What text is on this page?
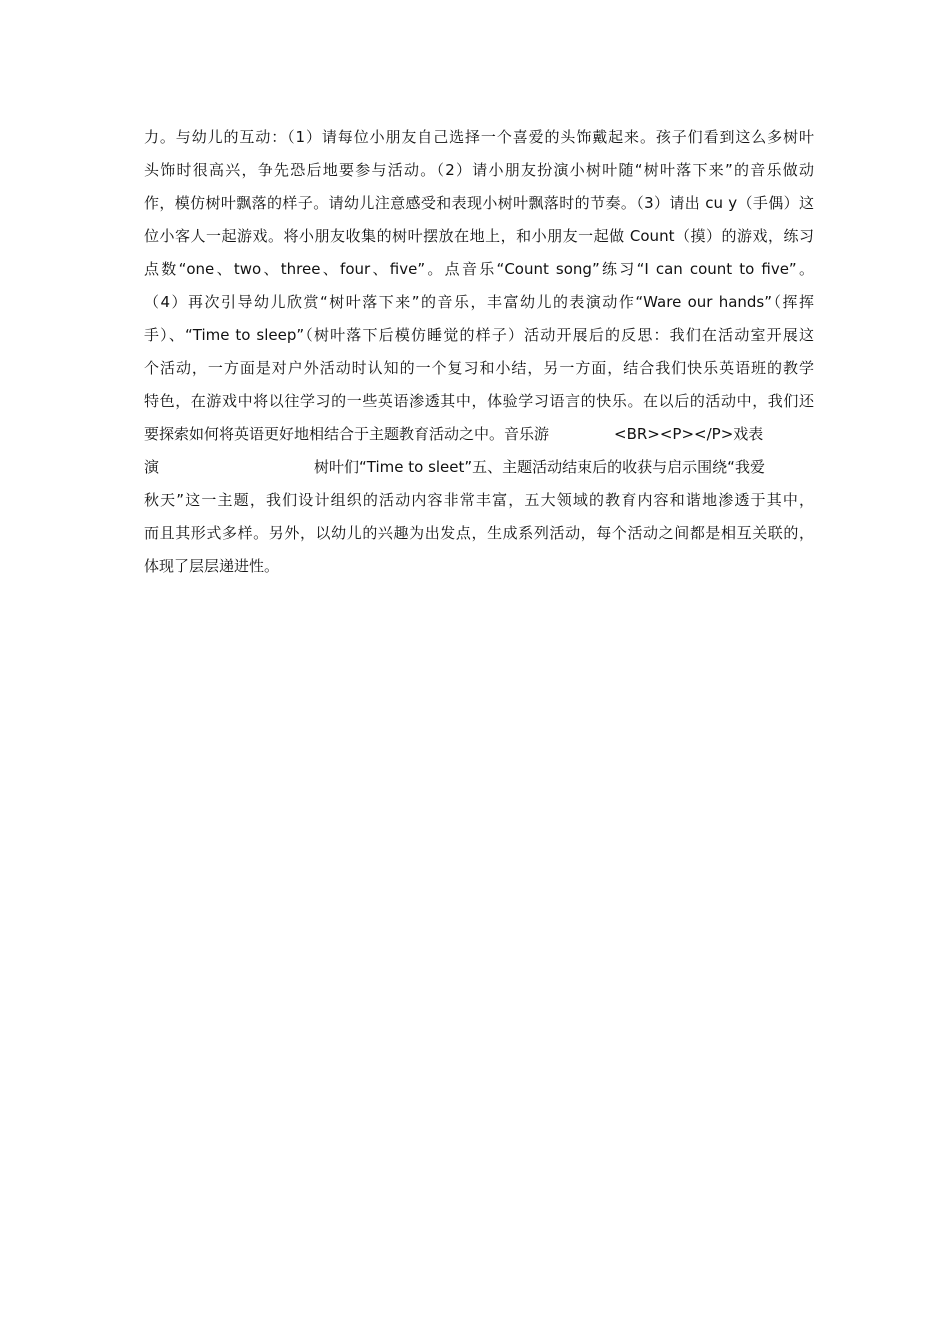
力。与幼儿的互动：（1）请每位小朋友自己选择一个喜爱的头饰戴起来。孩子们看到这么多树叶
头饰时很高兴，争先恐后地要参与活动。（2）请小朋友扮演小树叶随“树叶落下来”的音乐做动
作，模仿树叶飘落的样子。请幼儿注意感受和表现小树叶飘落时的节奏。（3）请出 cu y（手偶）这
位小客人一起游戏。将小朋友收集的树叶摆放在地上，和小朋友一起做 Count（摸）的游戏，练习
点数“one、two、three、four、five”。点音乐“Count song”练习“I can count to five”。
（4）再次引导幼儿欣赏“树叶落下来”的音乐，丰富幼儿的表演动作“Ware our hands”（挥挥
手）、“Time to sleep”（树叶落下后模仿睡觉的样子）活动开展后的反思：我们在活动室开展这
个活动，一方面是对户外活动时认知的一个复习和小结，另一方面，结合我们快乐英语班的教学
特色，在游戏中将以往学习的一些英语渗透其中，体验学习语言的快乐。在以后的活动中，我们还
要探索如何将英语更好地相结合于主题教育活动之中。音乐游	<BR><P></P>戏表
演	树叶们“Time to sleet”五、主题活动结束后的收获与启示围绕“我爱
秋天”这一主题，我们设计组织的活动内容非常丰富，五大领域的教育内容和谐地渗透于其中，
而且其形式多样。另外，以幼儿的兴趣为出发点，生成系列活动，每个活动之间都是相互关联的，
体现了层层递进性。
